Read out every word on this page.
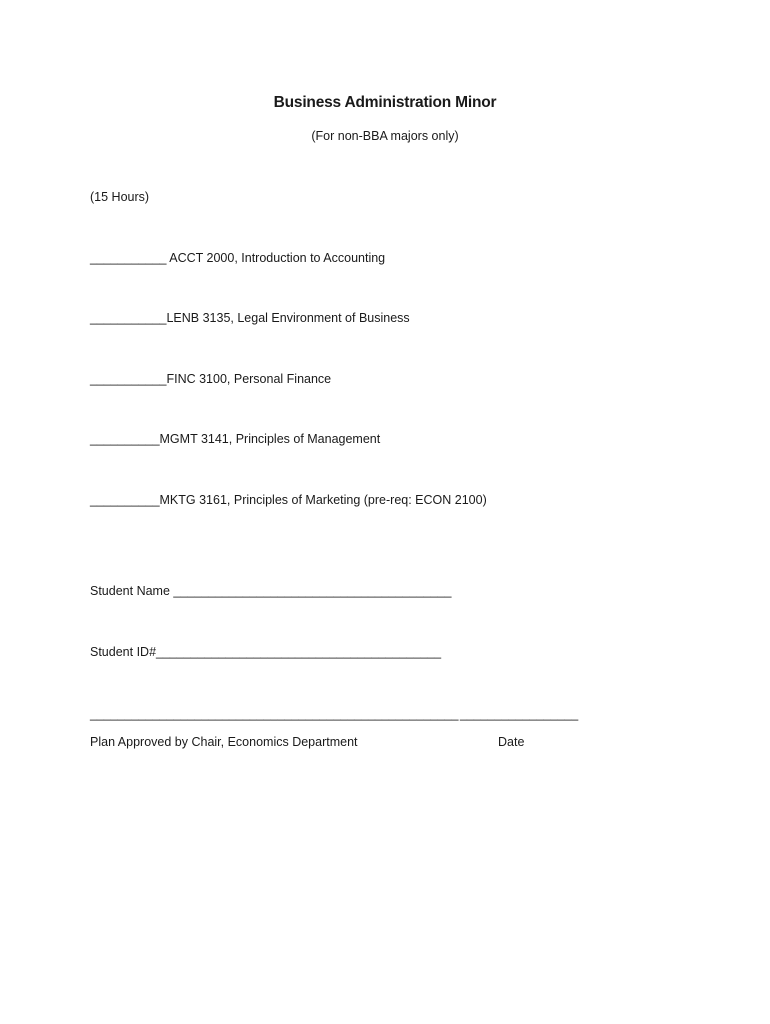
Business Administration Minor
(For non-BBA majors only)
(15 Hours)
___________ ACCT 2000, Introduction to Accounting
___________LENB 3135, Legal Environment of Business
___________FINC 3100, Personal Finance
__________MGMT 3141, Principles of Management
__________MKTG 3161, Principles of Marketing (pre-req: ECON 2100)
Student Name ________________________________________
Student ID#_________________________________________
_____________________________________________________ _________________
Plan Approved by Chair, Economics Department	Date
